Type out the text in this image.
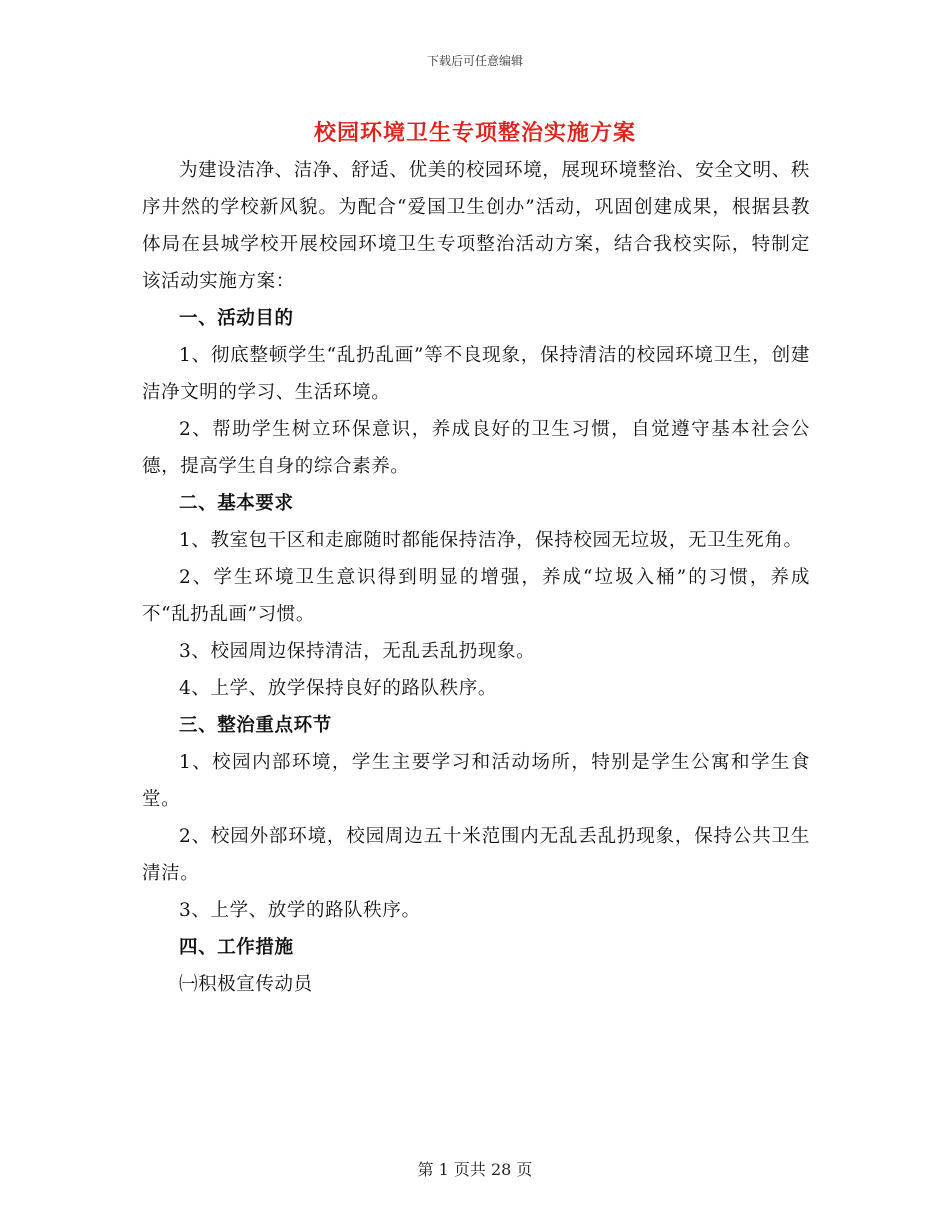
下载后可任意编辑
校园环境卫生专项整治实施方案

为建设洁净、洁净、舒适、优美的校园环境，展现环境整治、安全文明、秩序井然的学校新风貌。为配合“爱国卫生创办”活动，巩固创建成果，根据县教体局在县城学校开展校园环境卫生专项整治活动方案，结合我校实际，特制定该活动实施方案：

一、活动目的

1、彻底整顿学生“乱扔乱画”等不良现象，保持清洁的校园环境卫生，创建洁净文明的学习、生活环境。

2、帮助学生树立环保意识，养成良好的卫生习惯，自觉遵守基本社会公德，提高学生自身的综合素养。

二、基本要求

1、教室包干区和走廊随时都能保持洁净，保持校园无垃圾，无卫生死角。

2、学生环境卫生意识得到明显的增强，养成“垃圾入桶”的习惯，养成不“乱扔乱画”习惯。

3、校园周边保持清洁，无乱丢乱扔现象。

4、上学、放学保持良好的路队秩序。

三、整治重点环节

1、校园内部环境，学生主要学习和活动场所，特别是学生公寓和学生食堂。

2、校园外部环境，校园周边五十米范围内无乱丢乱扔现象，保持公共卫生清洁。

3、上学、放学的路队秩序。

四、工作措施

㈠积极宣传动员

第 1 页共 28 页
